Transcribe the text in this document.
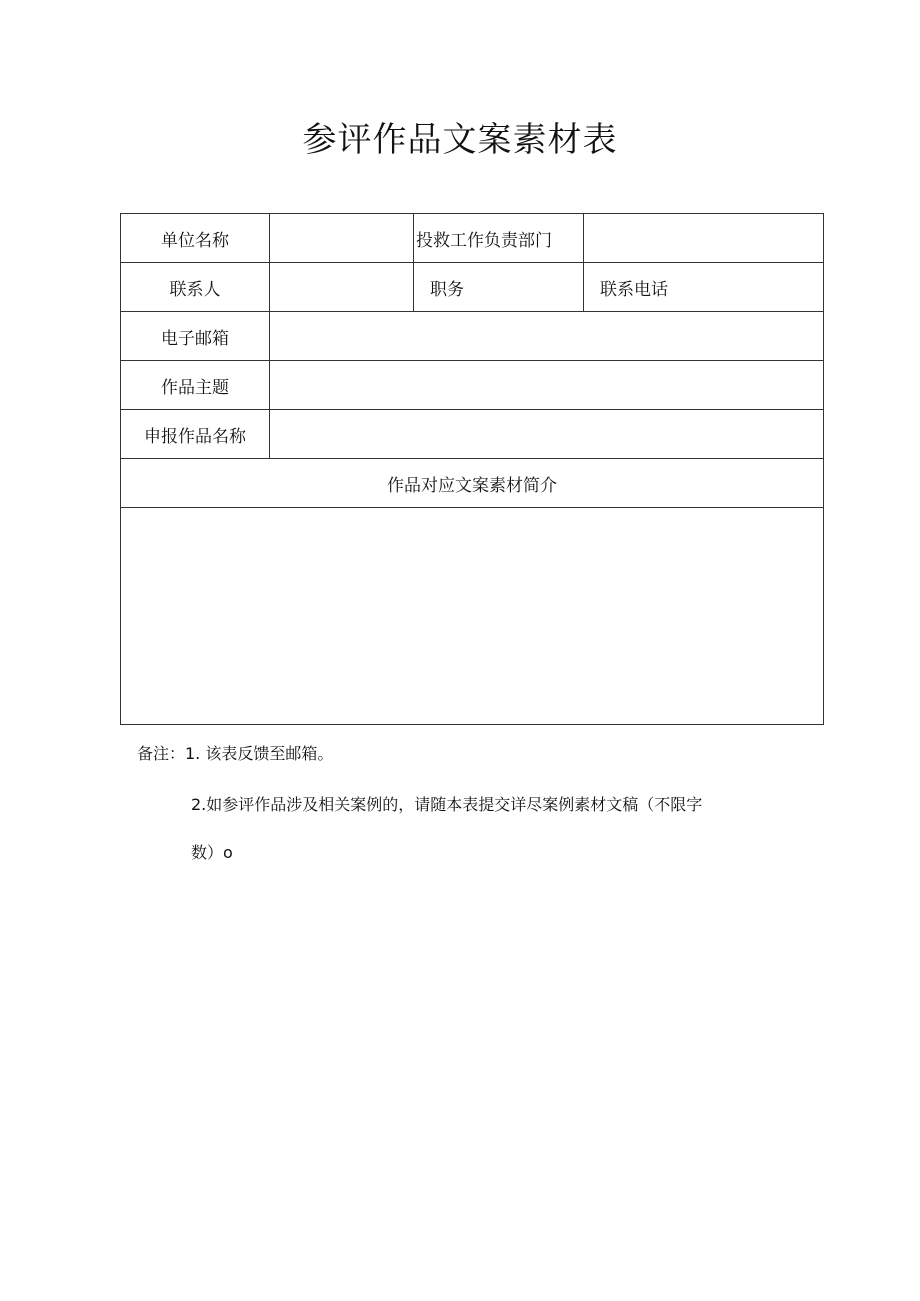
参评作品文案素材表
单位名称		投救工作负责部门	
联系人		职务	联系电话
电子邮箱			
作品主题			
申报作品名称			
作品对应文案素材简介			

备注：1. 该表反馈至邮箱。

2.如参评作品涉及相关案例的，请随本表提交详尽案例素材文稿（不限字

数）o
